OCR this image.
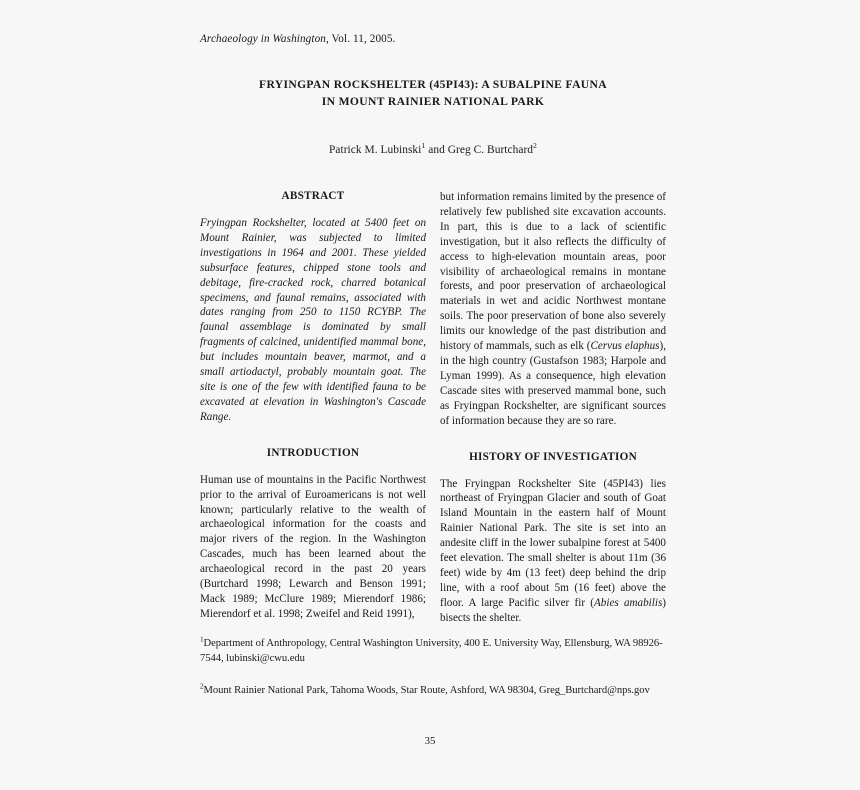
Archaeology in Washington, Vol. 11, 2005.
FRYINGPAN ROCKSHELTER (45PI43): A SUBALPINE FAUNA
IN MOUNT RAINIER NATIONAL PARK
Patrick M. Lubinski$^1$ and Greg C. Burtchard$^2$
ABSTRACT

Fryingpan Rockshelter, located at 5400 feet on Mount Rainier, was subjected to limited investigations in 1964 and 2001. These yielded subsurface features, chipped stone tools and debitage, fire-cracked rock, charred botanical specimens, and faunal remains, associated with dates ranging from 250 to 1150 RCYBP. The faunal assemblage is dominated by small fragments of calcined, unidentified mammal bone, but includes mountain beaver, marmot, and a small artiodactyl, probably mountain goat. The site is one of the few with identified fauna to be excavated at elevation in Washington's Cascade Range.

INTRODUCTION

Human use of mountains in the Pacific Northwest prior to the arrival of Euroamericans is not well known; particularly relative to the wealth of archaeological information for the coasts and major rivers of the region. In the Washington Cascades, much has been learned about the archaeological record in the past 20 years (Burtchard 1998; Lewarch and Benson 1991; Mack 1989; McClure 1989; Mierendorf 1986; Mierendorf et al. 1998; Zweifel and Reid 1991),

but information remains limited by the presence of relatively few published site excavation accounts. In part, this is due to a lack of scientific investigation, but it also reflects the difficulty of access to high-elevation mountain areas, poor visibility of archaeological remains in montane forests, and poor preservation of archaeological materials in wet and acidic Northwest montane soils. The poor preservation of bone also severely limits our knowledge of the past distribution and history of mammals, such as elk (Cervus elaphus), in the high country (Gustafson 1983; Harpole and Lyman 1999). As a consequence, high elevation Cascade sites with preserved mammal bone, such as Fryingpan Rockshelter, are significant sources of information because they are so rare.

HISTORY OF INVESTIGATION

The Fryingpan Rockshelter Site (45PI43) lies northeast of Fryingpan Glacier and south of Goat Island Mountain in the eastern half of Mount Rainier National Park. The site is set into an andesite cliff in the lower subalpine forest at 5400 feet elevation. The small shelter is about 11m (36 feet) wide by 4m (13 feet) deep behind the drip line, with a roof about 5m (16 feet) above the floor. A large Pacific silver fir (Abies amabilis) bisects the shelter.

$^1$Department of Anthropology, Central Washington University, 400 E. University Way, Ellensburg, WA 98926-7544, lubinski@cwu.edu

$^2$Mount Rainier National Park, Tahoma Woods, Star Route, Ashford, WA 98304, Greg_Burtchard@nps.gov

35
